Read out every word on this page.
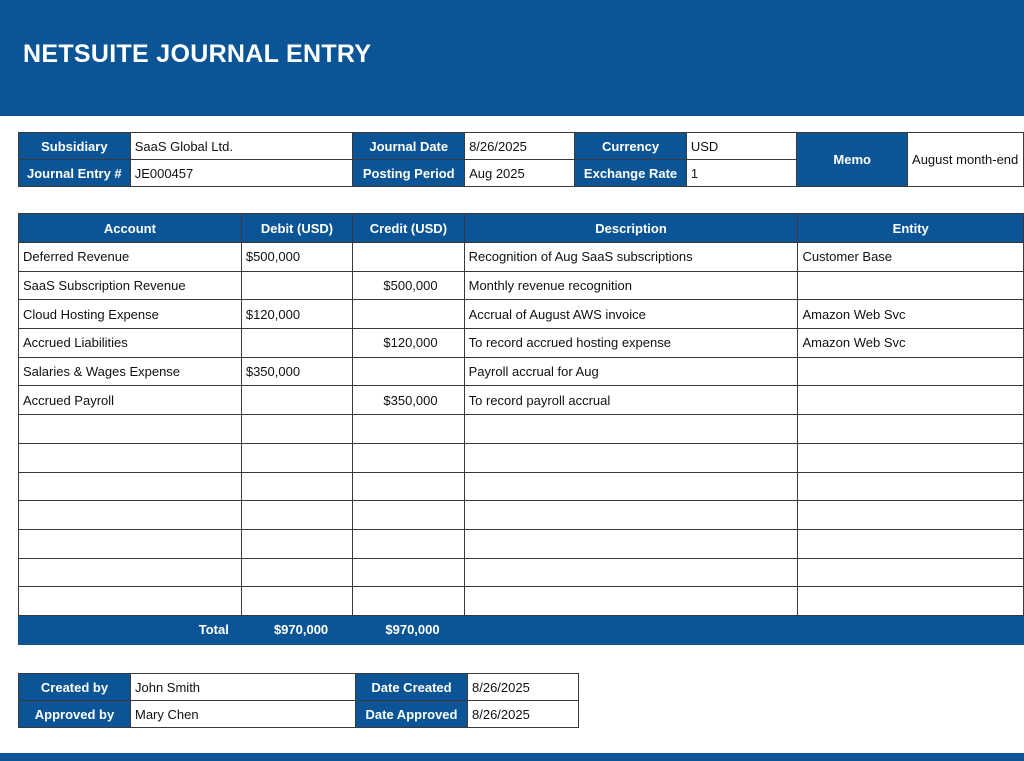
NETSUITE JOURNAL ENTRY
Subsidiary	SaaS Global Ltd.	Journal Date	8/26/2025	Currency	USD	Memo	August month-end
Journal Entry #	JE000457	Posting Period	Aug 2025	Exchange Rate	1		
Account	Debit (USD)	Credit (USD)	Description	Entity
Deferred Revenue	$500,000		Recognition of Aug SaaS subscriptions	Customer Base
SaaS Subscription Revenue		$500,000	Monthly revenue recognition	
Cloud Hosting Expense	$120,000		Accrual of August AWS invoice	Amazon Web Svc
Accrued Liabilities		$120,000	To record accrued hosting expense	Amazon Web Svc
Salaries & Wages Expense	$350,000		Payroll accrual for Aug	
Accrued Payroll		$350,000	To record payroll accrual	

Total	$970,000	$970,000		
Created by	John Smith	Date Created	8/26/2025
Approved by	Mary Chen	Date Approved	8/26/2025
